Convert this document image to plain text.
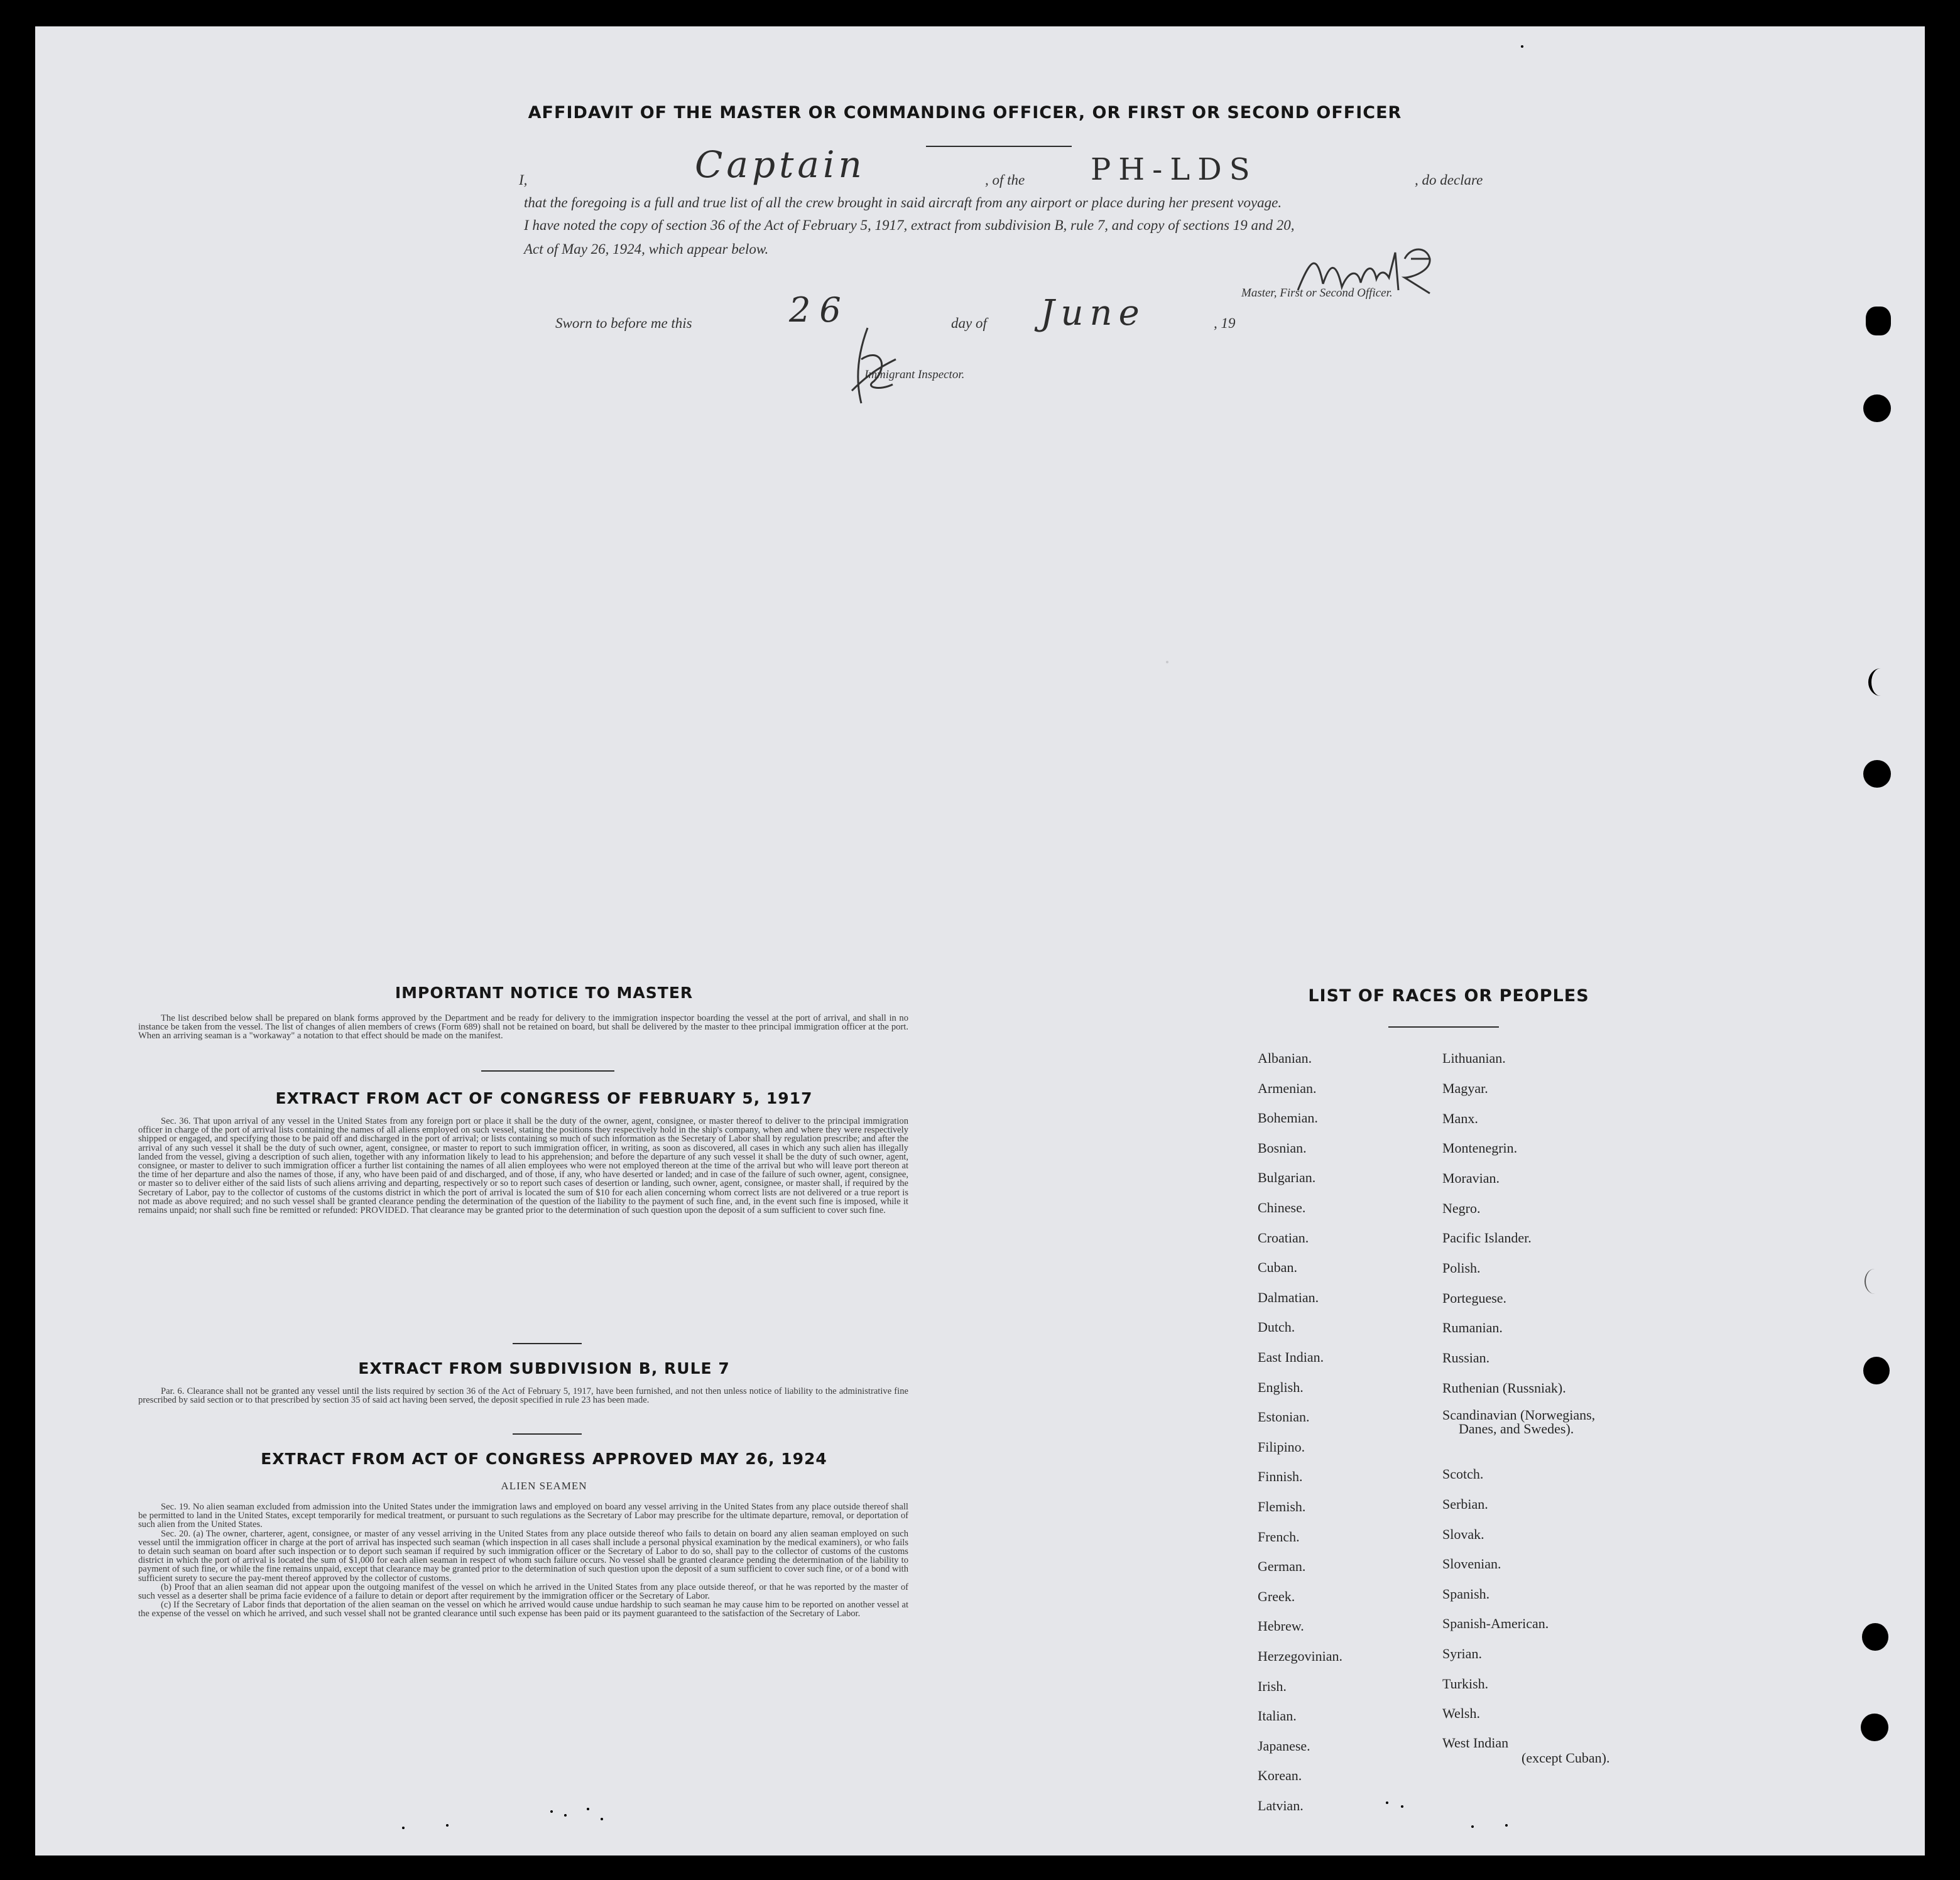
AFFIDAVIT OF THE MASTER OR COMMANDING OFFICER, OR FIRST OR SECOND OFFICER
I,	Captain	, of the PH-LDS	, do declare
that the foregoing is a full and true list of all the crew brought in said aircraft from any airport or place during her present voyage.
I have noted the copy of section 36 of the Act of February 5, 1917, extract from subdivision B, rule 7, and copy of sections 19 and 20,
Act of May 26, 1924, which appear below.
Master, First or Second Officer.
Sworn to before me this	26	day of June	, 19
Immigrant Inspector.
IMPORTANT NOTICE TO MASTER

The list described below shall be prepared on blank forms approved by the Department and be ready for delivery to the immigration inspector boarding the vessel at the port of arrival, and shall in no instance be taken from the vessel. The list of changes of alien members of crews (Form 689) shall not be retained on board, but shall be delivered by the master to thee principal immigration officer at the port. When an arriving seaman is a "workaway" a notation to that effect should be made on the manifest.

EXTRACT FROM ACT OF CONGRESS OF FEBRUARY 5, 1917

Sec. 36. That upon arrival of any vessel in the United States from any foreign port or place it shall be the duty of the owner, agent, consignee, or master thereof to deliver to the principal immigration officer in charge of the port of arrival lists containing the names of all aliens employed on such vessel, stating the positions they respectively hold in the ship's company, when and where they were respectively shipped or engaged, and specifying those to be paid off and discharged in the port of arrival; or lists containing so much of such information as the Secretary of Labor shall by regulation prescribe; and after the arrival of any such vessel it shall be the duty of such owner, agent, consignee, or master to report to such immigration officer, in writing, as soon as discovered, all cases in which any such alien has illegally landed from the vessel, giving a description of such alien, together with any information likely to lead to his apprehension; and before the departure of any such vessel it shall be the duty of such owner, agent, consignee, or master to deliver to such immigration officer a further list containing the names of all alien employees who were not employed thereon at the time of the arrival but who will leave port thereon at the time of her departure and also the names of those, if any, who have been paid of and discharged, and of those, if any, who have deserted or landed; and in case of the failure of such owner, agent, consignee, or master so to deliver either of the said lists of such aliens arriving and departing, respectively or so to report such cases of desertion or landing, such owner, agent, consignee, or master shall, if required by the Secretary of Labor, pay to the collector of customs of the customs district in which the port of arrival is located the sum of $10 for each alien concerning whom correct lists are not delivered or a true report is not made as above required; and no such vessel shall be granted clearance pending the determination of the question of the liability to the payment of such fine, and, in the event such fine is imposed, while it remains unpaid; nor shall such fine be remitted or refunded: PROVIDED. That clearance may be granted prior to the determination of such question upon the deposit of a sum sufficient to cover such fine.

EXTRACT FROM SUBDIVISION B, RULE 7

Par. 6. Clearance shall not be granted any vessel until the lists required by section 36 of the Act of February 5, 1917, have been furnished, and not then unless notice of liability to the administrative fine prescribed by said section or to that prescribed by section 35 of said act having been served, the deposit specified in rule 23 has been made.

EXTRACT FROM ACT OF CONGRESS APPROVED MAY 26, 1924
ALIEN SEAMEN

Sec. 19. No alien seaman excluded from admission into the United States under the immigration laws and employed on board any vessel arriving in the United States from any place outside thereof shall be permitted to land in the United States, except temporarily for medical treatment, or pursuant to such regulations as the Secretary of Labor may prescribe for the ultimate departure, removal, or deportation of such alien from the United States.

Sec. 20. (a) The owner, charterer, agent, consignee, or master of any vessel arriving in the United States from any place outside thereof who fails to detain on board any alien seaman employed on such vessel until the immigration officer in charge at the port of arrival has inspected such seaman (which inspection in all cases shall include a personal physical examination by the medical examiners), or who fails to detain such seaman on board after such inspection or to deport such seaman if required by such immigration officer or the Secretary of Labor to do so, shall pay to the collector of customs of the customs district in which the port of arrival is located the sum of $1,000 for each alien seaman in respect of whom such failure occurs. No vessel shall be granted clearance pending the determination of the liability to payment of such fine, or while the fine remains unpaid, except that clearance may be granted prior to the determination of such question upon the deposit of a sum sufficient to cover such fine, or of a bond with sufficient surety to secure the pay-ment thereof approved by the collector of customs.

(b) Proof that an alien seaman did not appear upon the outgoing manifest of the vessel on which he arrived in the United States from any place outside thereof, or that he was reported by the master of such vessel as a deserter shall be prima facie evidence of a failure to detain or deport after requirement by the immigration officer or the Secretary of Labor.

(c) If the Secretary of Labor finds that deportation of the alien seaman on the vessel on which he arrived would cause undue hardship to such seaman he may cause him to be reported on another vessel at the expense of the vessel on which he arrived, and such vessel shall not be granted clearance until such expense has been paid or its payment guaranteed to the satisfaction of the Secretary of Labor.

LIST OF RACES OR PEOPLES
Albanian.
Armenian.
Bohemian.
Bosnian.
Bulgarian.
Chinese.
Croatian.
Cuban.
Dalmatian.
Dutch.
East Indian.
English.
Estonian.
Filipino.
Finnish.
Flemish.
French.
German.
Greek.
Hebrew.
Herzegovinian.
Irish.
Italian.
Japanese.
Korean.
Latvian.
Lithuanian.
Magyar.
Manx.
Montenegrin.
Moravian.
Negro.
Pacific Islander.
Polish.
Porteguese.
Rumanian.
Russian.
Ruthenian (Russniak).
Scandinavian (Norwegians,
Scotch.
Serbian.
Slovak.
Slovenian.
Spanish.
Spanish-American.
Syrian.
Turkish.
Welsh.
West Indian
Danes, and Swedes).
(except Cuban).
